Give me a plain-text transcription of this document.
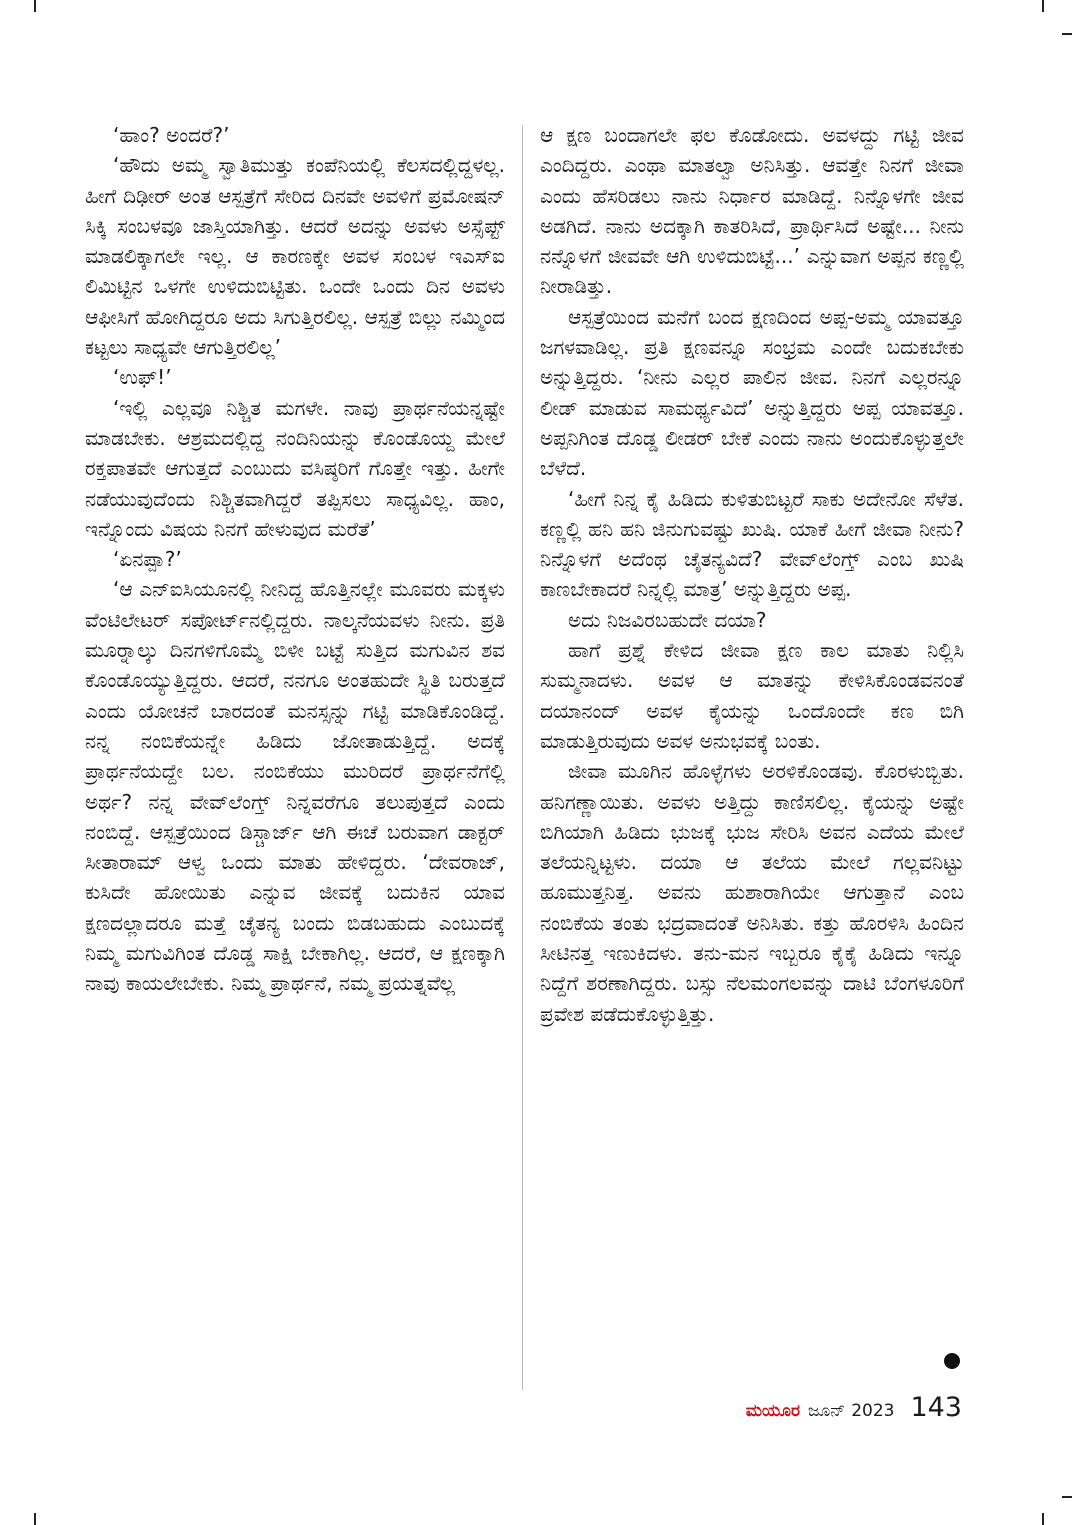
‘ಹಾಂ? ಅಂದರೆ?’

‘ಹೌದು ಅಮ್ಮ ಸ್ವಾತಿಮುತ್ತು ಕಂಪೆನಿಯಲ್ಲಿ ಕೆಲಸದಲ್ಲಿದ್ದಳಲ್ಲ. ಹೀಗೆ ದಿಢೀರ್ ಅಂತ ಆಸ್ಪತ್ರೆಗೆ ಸೇರಿದ ದಿನವೇ ಅವಳಿಗೆ ಪ್ರಮೋಷನ್ ಸಿಕ್ಕಿ ಸಂಬಳವೂ ಜಾಸ್ತಿಯಾಗಿತ್ತು. ಆದರೆ ಅದನ್ನು ಅವಳು ಅಸ್ಸೆಪ್ಟ್ ಮಾಡಲಿಕ್ಕಾಗಲೇ ಇಲ್ಲ. ಆ ಕಾರಣಕ್ಕೇ ಅವಳ ಸಂಬಳ ಇಎಸ್‌ಐ ಲಿಮಿಟ್ಟಿನ ಒಳಗೇ ಉಳಿದುಬಿಟ್ಟಿತು. ಒಂದೇ ಒಂದು ದಿನ ಅವಳು ಆಫೀಸಿಗೆ ಹೋಗಿದ್ದರೂ ಅದು ಸಿಗುತ್ತಿರಲಿಲ್ಲ. ಆಸ್ಪತ್ರೆ ಬಿಲ್ಲು ನಮ್ಮಿಂದ ಕಟ್ಟಲು ಸಾಧ್ಯವೇ ಆಗುತ್ತಿರಲಿಲ್ಲ’

‘ಉಫ್!’

‘ಇಲ್ಲಿ ಎಲ್ಲವೂ ನಿಶ್ಚಿತ ಮಗಳೇ. ನಾವು ಪ್ರಾರ್ಥನೆಯನ್ನಷ್ಟೇ ಮಾಡಬೇಕು. ಆಶ್ರಮದಲ್ಲಿದ್ದ ನಂದಿನಿಯನ್ನು ಕೊಂಡೊಯ್ದ ಮೇಲೆ ರಕ್ತಪಾತವೇ ಆಗುತ್ತದೆ ಎಂಬುದು ವಸಿಷ್ಠರಿಗೆ ಗೊತ್ತೇ ಇತ್ತು. ಹೀಗೇ ನಡೆಯುವುದೆಂದು ನಿಶ್ಚಿತವಾಗಿದ್ದರೆ ತಪ್ಪಿಸಲು ಸಾಧ್ಯವಿಲ್ಲ. ಹಾಂ, ಇನ್ನೊಂದು ವಿಷಯ ನಿನಗೆ ಹೇಳುವುದ ಮರೆತೆ’

‘ಏನಪ್ಪಾ?’

‘ಆ ಎನ್‌ಐಸಿಯೂನಲ್ಲಿ ನೀನಿದ್ದ ಹೊತ್ತಿನಲ್ಲೇ ಮೂವರು ಮಕ್ಕಳು ವೆಂಟಿಲೇಟರ್ ಸಪೋರ್ಟ್‌ನಲ್ಲಿದ್ದರು. ನಾಲ್ಕನೆಯವಳು ನೀನು. ಪ್ರತಿ ಮೂರ್‍ನಾಲ್ಕು ದಿನಗಳಿಗೊಮ್ಮೆ ಬಿಳೀ ಬಟ್ಟೆ ಸುತ್ತಿದ ಮಗುವಿನ ಶವ ಕೊಂಡೊಯ್ಯುತ್ತಿದ್ದರು. ಆದರೆ, ನನಗೂ ಅಂತಹುದೇ ಸ್ಥಿತಿ ಬರುತ್ತದೆ ಎಂದು ಯೋಚನೆ ಬಾರದಂತೆ ಮನಸ್ಸನ್ನು ಗಟ್ಟಿ ಮಾಡಿಕೊಂಡಿದ್ದೆ. ನನ್ನ ನಂಬಿಕೆಯನ್ನೇ ಹಿಡಿದು ಜೋತಾಡುತ್ತಿದ್ದೆ. ಅದಕ್ಕೆ ಪ್ರಾರ್ಥನೆಯದ್ದೇ ಬಲ. ನಂಬಿಕೆಯು ಮುರಿದರೆ ಪ್ರಾರ್ಥನೆಗೆಲ್ಲಿ ಅರ್ಥ? ನನ್ನ ವೇವ್‌ಲೆಂಗ್ತ್ ನಿನ್ನವರೆಗೂ ತಲುಪುತ್ತದೆ ಎಂದು ನಂಬಿದ್ದೆ. ಆಸ್ಪತ್ರೆಯಿಂದ ಡಿಸ್ಚಾರ್ಜ್ ಆಗಿ ಈಚೆ ಬರುವಾಗ ಡಾಕ್ಟರ್ ಸೀತಾರಾಮ್ ಆಳ್ವ ಒಂದು ಮಾತು ಹೇಳಿದ್ದರು. ‘ದೇವರಾಜ್, ಕುಸಿದೇ ಹೋಯಿತು ಎನ್ನುವ ಜೀವಕ್ಕೆ ಬದುಕಿನ ಯಾವ ಕ್ಷಣದಲ್ಲಾದರೂ ಮತ್ತೆ ಚೈತನ್ಯ ಬಂದು ಬಿಡಬಹುದು ಎಂಬುದಕ್ಕೆ ನಿಮ್ಮ ಮಗುವಿಗಿಂತ ದೊಡ್ಡ ಸಾಕ್ಷಿ ಬೇಕಾಗಿಲ್ಲ. ಆದರೆ, ಆ ಕ್ಷಣಕ್ಕಾಗಿ ನಾವು ಕಾಯಲೇಬೇಕು. ನಿಮ್ಮ ಪ್ರಾರ್ಥನೆ, ನಮ್ಮ ಪ್ರಯತ್ನವೆಲ್ಲ

ಆ ಕ್ಷಣ ಬಂದಾಗಲೇ ಫಲ ಕೊಡೋದು. ಅವಳದ್ದು ಗಟ್ಟಿ ಜೀವ ಎಂದಿದ್ದರು. ಎಂಥಾ ಮಾತಲ್ವಾ ಅನಿಸಿತ್ತು. ಆವತ್ತೇ ನಿನಗೆ ಜೀವಾ ಎಂದು ಹೆಸರಿಡಲು ನಾನು ನಿರ್ಧಾರ ಮಾಡಿದ್ದೆ. ನಿನ್ನೊಳಗೇ ಜೀವ ಅಡಗಿದೆ. ನಾನು ಅದಕ್ಕಾಗಿ ಕಾತರಿಸಿದೆ, ಪ್ರಾರ್ಥಿಸಿದೆ ಅಷ್ಟೇ... ನೀನು ನನ್ನೊಳಗೆ ಜೀವವೇ ಆಗಿ ಉಳಿದುಬಿಟ್ಟೆ...’ ಎನ್ನುವಾಗ ಅಪ್ಪನ ಕಣ್ಣಲ್ಲಿ ನೀರಾಡಿತ್ತು.

ಆಸ್ಪತ್ರೆಯಿಂದ ಮನೆಗೆ ಬಂದ ಕ್ಷಣದಿಂದ ಅಪ್ಪ-ಅಮ್ಮ ಯಾವತ್ತೂ ಜಗಳವಾಡಿಲ್ಲ. ಪ್ರತಿ ಕ್ಷಣವನ್ನೂ ಸಂಭ್ರಮ ಎಂದೇ ಬದುಕಬೇಕು ಅನ್ನುತ್ತಿದ್ದರು. ‘ನೀನು ಎಲ್ಲರ ಪಾಲಿನ ಜೀವ. ನಿನಗೆ ಎಲ್ಲರನ್ನೂ ಲೀಡ್ ಮಾಡುವ ಸಾಮರ್ಥ್ಯವಿದೆ’ ಅನ್ನುತ್ತಿದ್ದರು ಅಪ್ಪ ಯಾವತ್ತೂ. ಅಪ್ಪನಿಗಿಂತ ದೊಡ್ಡ ಲೀಡರ್ ಬೇಕೆ ಎಂದು ನಾನು ಅಂದುಕೊಳ್ಳುತ್ತಲೇ ಬೆಳೆದೆ.

‘ಹೀಗೆ ನಿನ್ನ ಕೈ ಹಿಡಿದು ಕುಳಿತುಬಿಟ್ಟರೆ ಸಾಕು ಅದೇನೋ ಸೆಳೆತ. ಕಣ್ಣಲ್ಲಿ ಹನಿ ಹನಿ ಜಿನುಗುವಷ್ಟು ಖುಷಿ. ಯಾಕೆ ಹೀಗೆ ಜೀವಾ ನೀನು? ನಿನ್ನೊಳಗೆ ಅದೆಂಥ ಚೈತನ್ಯವಿದೆ? ವೇವ್‌ಲೆಂಗ್ತ್ ಎಂಬ ಖುಷಿ ಕಾಣಬೇಕಾದರೆ ನಿನ್ನಲ್ಲಿ ಮಾತ್ರ’ ಅನ್ನುತ್ತಿದ್ದರು ಅಪ್ಪ.

ಅದು ನಿಜವಿರಬಹುದೇ ದಯಾ?

ಹಾಗೆ ಪ್ರಶ್ನೆ ಕೇಳಿದ ಜೀವಾ ಕ್ಷಣ ಕಾಲ ಮಾತು ನಿಲ್ಲಿಸಿ ಸುಮ್ಮನಾದಳು. ಅವಳ ಆ ಮಾತನ್ನು ಕೇಳಿಸಿಕೊಂಡವನಂತೆ ದಯಾನಂದ್ ಅವಳ ಕೈಯನ್ನು ಒಂದೊಂದೇ ಕಣ ಬಿಗಿ ಮಾಡುತ್ತಿರುವುದು ಅವಳ ಅನುಭವಕ್ಕೆ ಬಂತು.

ಜೀವಾ ಮೂಗಿನ ಹೊಳ್ಳೆಗಳು ಅರಳಿಕೊಂಡವು. ಕೊರಳುಬ್ಬಿತು. ಹನಿಗಣ್ಣಾಯಿತು. ಅವಳು ಅತ್ತಿದ್ದು ಕಾಣಿಸಲಿಲ್ಲ. ಕೈಯನ್ನು ಅಷ್ಟೇ ಬಿಗಿಯಾಗಿ ಹಿಡಿದು ಭುಜಕ್ಕೆ ಭುಜ ಸೇರಿಸಿ ಅವನ ಎದೆಯ ಮೇಲೆ ತಲೆಯನ್ನಿಟ್ಟಳು. ದಯಾ ಆ ತಲೆಯ ಮೇಲೆ ಗಲ್ಲವನಿಟ್ಟು ಹೂಮುತ್ತನಿತ್ತ. ಅವನು ಹುಶಾರಾಗಿಯೇ ಆಗುತ್ತಾನೆ ಎಂಬ ನಂಬಿಕೆಯ ತಂತು ಭದ್ರವಾದಂತೆ ಅನಿಸಿತು. ಕತ್ತು ಹೊರಳಿಸಿ ಹಿಂದಿನ ಸೀಟಿನತ್ತ ಇಣುಕಿದಳು. ತನು-ಮನ ಇಬ್ಬರೂ ಕೈಕೈ ಹಿಡಿದು ಇನ್ನೂ ನಿದ್ದೆಗೆ ಶರಣಾಗಿದ್ದರು. ಬಸ್ಸು ನೆಲಮಂಗಲವನ್ನು ದಾಟಿ ಬೆಂಗಳೂರಿಗೆ ಪ್ರವೇಶ ಪಡೆದುಕೊಳ್ಳುತ್ತಿತ್ತು.

ಮಯೂರ ಜೂನ್ 2023 143
